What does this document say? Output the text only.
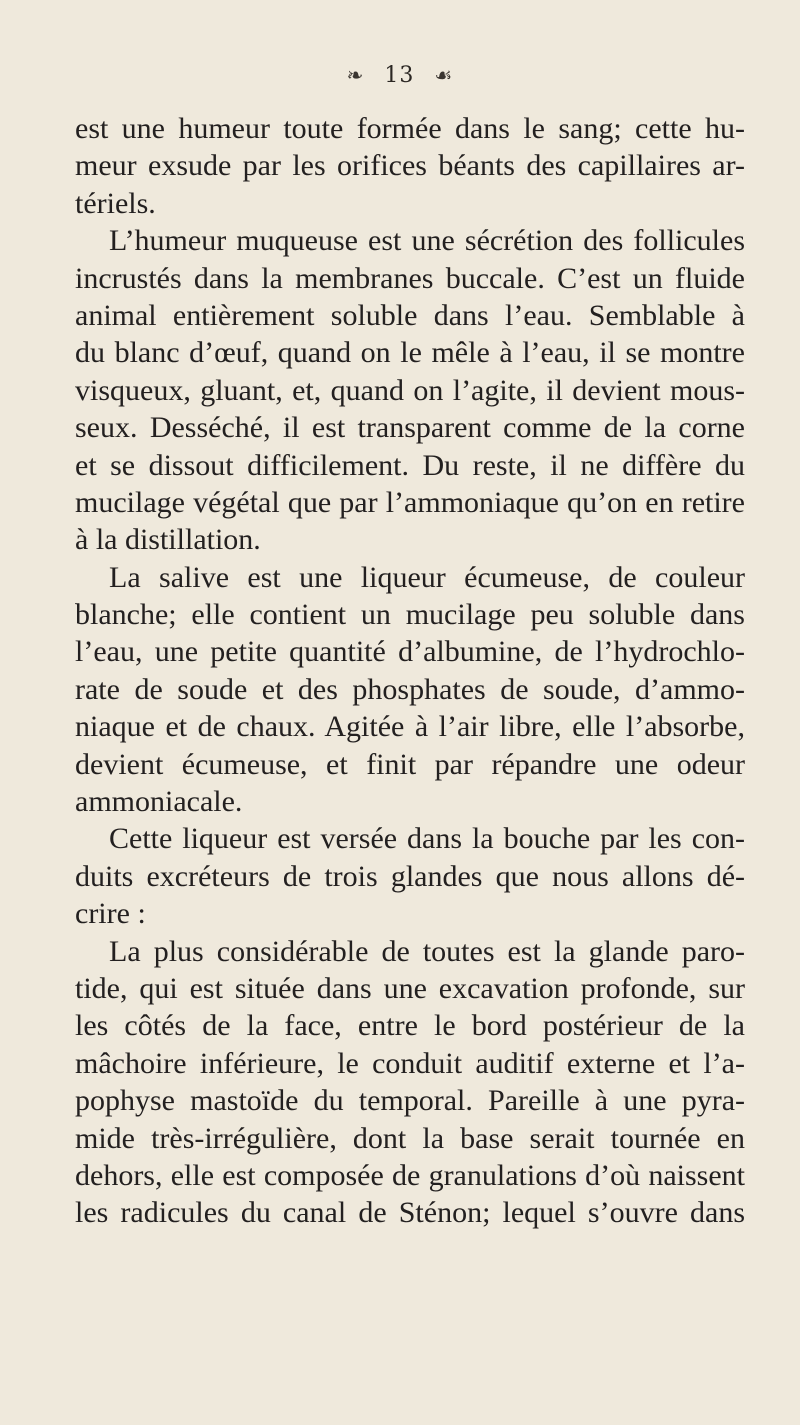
❧ 13 ☙
est une humeur toute formée dans le sang; cette hu-
meur exsude par les orifices béants des capillaires ar-
tériels.
L’humeur muqueuse est une sécrétion des follicules
incrustés dans la membranes buccale. C’est un fluide
animal entièrement soluble dans l’eau. Semblable à
du blanc d’œuf, quand on le mêle à l’eau, il se montre
visqueux, gluant, et, quand on l’agite, il devient mous-
seux. Desséché, il est transparent comme de la corne
et se dissout difficilement. Du reste, il ne diffère du
mucilage végétal que par l’ammoniaque qu’on en retire
à la distillation.
La salive est une liqueur écumeuse, de couleur
blanche; elle contient un mucilage peu soluble dans
l’eau, une petite quantité d’albumine, de l’hydrochlo-
rate de soude et des phosphates de soude, d’ammo-
niaque et de chaux. Agitée à l’air libre, elle l’absorbe,
devient écumeuse, et finit par répandre une odeur
ammoniacale.
Cette liqueur est versée dans la bouche par les con-
duits excréteurs de trois glandes que nous allons dé-
crire :
La plus considérable de toutes est la glande paro-
tide, qui est située dans une excavation profonde, sur
les côtés de la face, entre le bord postérieur de la
mâchoire inférieure, le conduit auditif externe et l’a-
pophyse mastoïde du temporal. Pareille à une pyra-
mide très-irrégulière, dont la base serait tournée en
dehors, elle est composée de granulations d’où naissent
les radicules du canal de Sténon; lequel s’ouvre dans
